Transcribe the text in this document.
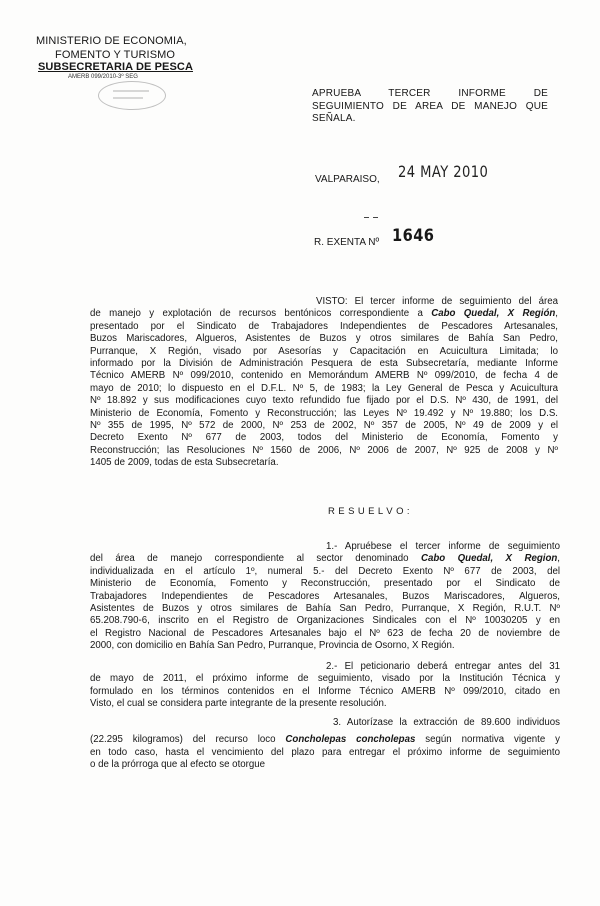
MINISTERIO DE ECONOMIA,
FOMENTO Y TURISMO
SUBSECRETARIA DE PESCA
AMERB 099/2010-3º SEG
APRUEBA TERCER INFORME DE
SEGUIMIENTO DE AREA DE MANEJO QUE
SEÑALA.
VALPARAISO, 24 MAY 2010
R. EXENTA Nº 1646
VISTO: El tercer informe de seguimiento del área
de manejo y explotación de recursos bentónicos correspondiente a Cabo Quedal, X Región,
presentado por el Sindicato de Trabajadores Independientes de Pescadores Artesanales,
Buzos Mariscadores, Algueros, Asistentes de Buzos y otros similares de Bahía San Pedro,
Purranque, X Región, visado por Asesorías y Capacitación en Acuicultura Limitada; lo
informado por la División de Administración Pesquera de esta Subsecretaría, mediante Informe
Técnico AMERB Nº 099/2010, contenido en Memorándum AMERB Nº 099/2010, de fecha 4 de
mayo de 2010; lo dispuesto en el D.F.L. Nº 5, de 1983; la Ley General de Pesca y Acuicultura
Nº 18.892 y sus modificaciones cuyo texto refundido fue fijado por el D.S. Nº 430, de 1991, del
Ministerio de Economía, Fomento y Reconstrucción; las Leyes Nº 19.492 y Nº 19.880; los D.S.
Nº 355 de 1995, Nº 572 de 2000, Nº 253 de 2002, Nº 357 de 2005, Nº 49 de 2009 y el
Decreto Exento Nº 677 de 2003, todos del Ministerio de Economía, Fomento y
Reconstrucción; las Resoluciones Nº 1560 de 2006, Nº 2006 de 2007, Nº 925 de 2008 y Nº
1405 de 2009, todas de esta Subsecretaría.
R E S U E L V O :
1.- Apruébese el tercer informe de seguimiento
del área de manejo correspondiente al sector denominado Cabo Quedal, X Region,
individualizada en el artículo 1º, numeral 5.- del Decreto Exento Nº 677 de 2003, del
Ministerio de Economía, Fomento y Reconstrucción, presentado por el Sindicato de
Trabajadores Independientes de Pescadores Artesanales, Buzos Mariscadores, Algueros,
Asistentes de Buzos y otros similares de Bahía San Pedro, Purranque, X Región, R.U.T. Nº
65.208.790-6, inscrito en el Registro de Organizaciones Sindicales con el Nº 10030205 y en
el Registro Nacional de Pescadores Artesanales bajo el Nº 623 de fecha 20 de noviembre de
2000, con domicilio en Bahía San Pedro, Purranque, Provincia de Osorno, X Región.
2.- El peticionario deberá entregar antes del 31
de mayo de 2011, el próximo informe de seguimiento, visado por la Institución Técnica y
formulado en los términos contenidos en el Informe Técnico AMERB Nº 099/2010, citado en
Visto, el cual se considera parte integrante de la presente resolución.
3. Autorízase la extracción de 89.600 individuos
(22.295 kilogramos) del recurso loco Concholepas concholepas según normativa vigente y
en todo caso, hasta el vencimiento del plazo para entregar el próximo informe de seguimiento
o de la prórroga que al efecto se otorgue
